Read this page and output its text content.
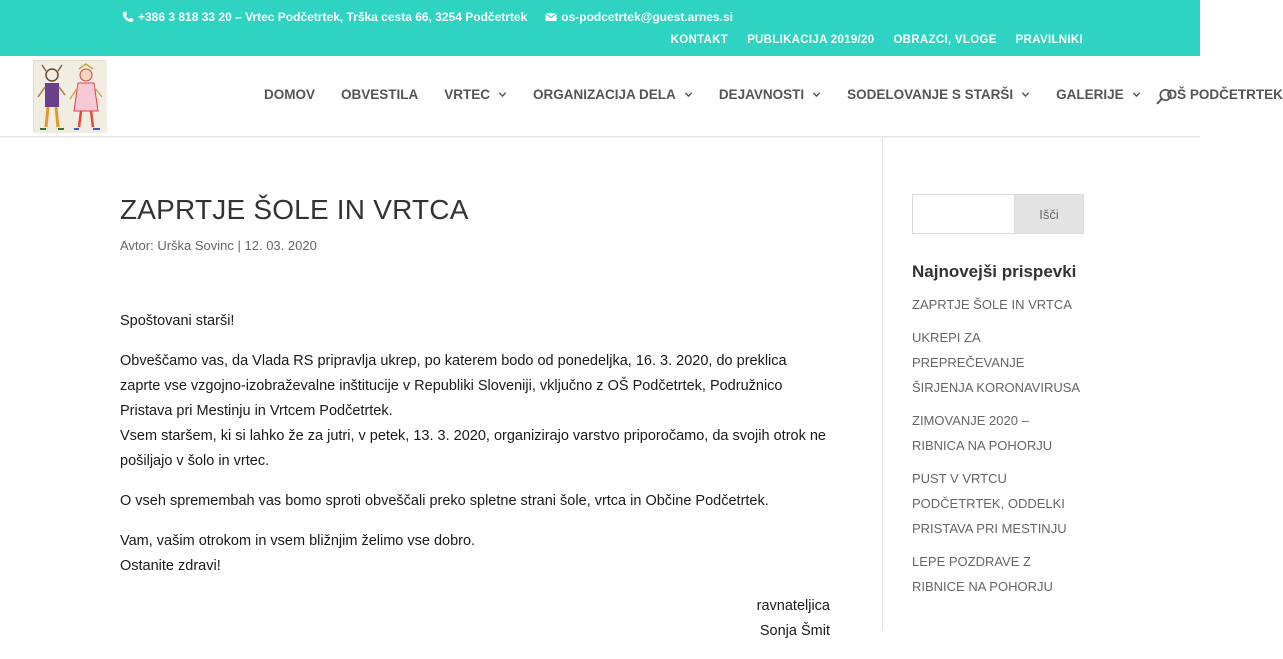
+386 3 818 33 20 – Vrtec Podčetrtek, Trška cesta 66, 3254 Podčetrtek	os-podcetrtek@guest.arnes.si
KONTAKT PUBLIKACIJA 2019/20 OBRAZCI, VLOGE PRAVILNIKI
DOMOV OBVESTILA VRTEC	ORGANIZACIJA DELA	DEJAVNOSTI	SODELOVANJE S STARŠI	GALERIJE	OŠ PODČETRTEK
ZAPRTJE ŠOLE IN VRTCA
Avtor: Urška Sovinc | 12. 03. 2020

Spoštovani starši!

Obveščamo vas, da Vlada RS pripravlja ukrep, po katerem bodo od ponedeljka, 16. 3. 2020, do preklica zaprte vse vzgojno-izobraževalne inštitucije v Republiki Sloveniji, vključno z OŠ Podčetrtek, Podružnico Pristava pri Mestinju in Vrtcem Podčetrtek.
Vsem staršem, ki si lahko že za jutri, v petek, 13. 3. 2020, organizirajo varstvo priporočamo, da svojih otrok ne pošiljajo v šolo in vrtec.

O vseh spremembah vas bomo sproti obveščali preko spletne strani šole, vrtca in Občine Podčetrtek.

Vam, vašim otrokom in vsem bližnjim želimo vse dobro.
Ostanite zdravi!

ravnateljica
Sonja Šmit

Išči
Najnovejši prispevki
ZAPRTJE ŠOLE IN VRTCA
UKREPI ZA PREPREČEVANJE ŠIRJENJA KORONAVIRUSA
ZIMOVANJE 2020 – RIBNICA NA POHORJU
PUST V VRTCU PODČETRTEK, ODDELKI PRISTAVA PRI MESTINJU
LEPE POZDRAVE Z RIBNICE NA POHORJU
